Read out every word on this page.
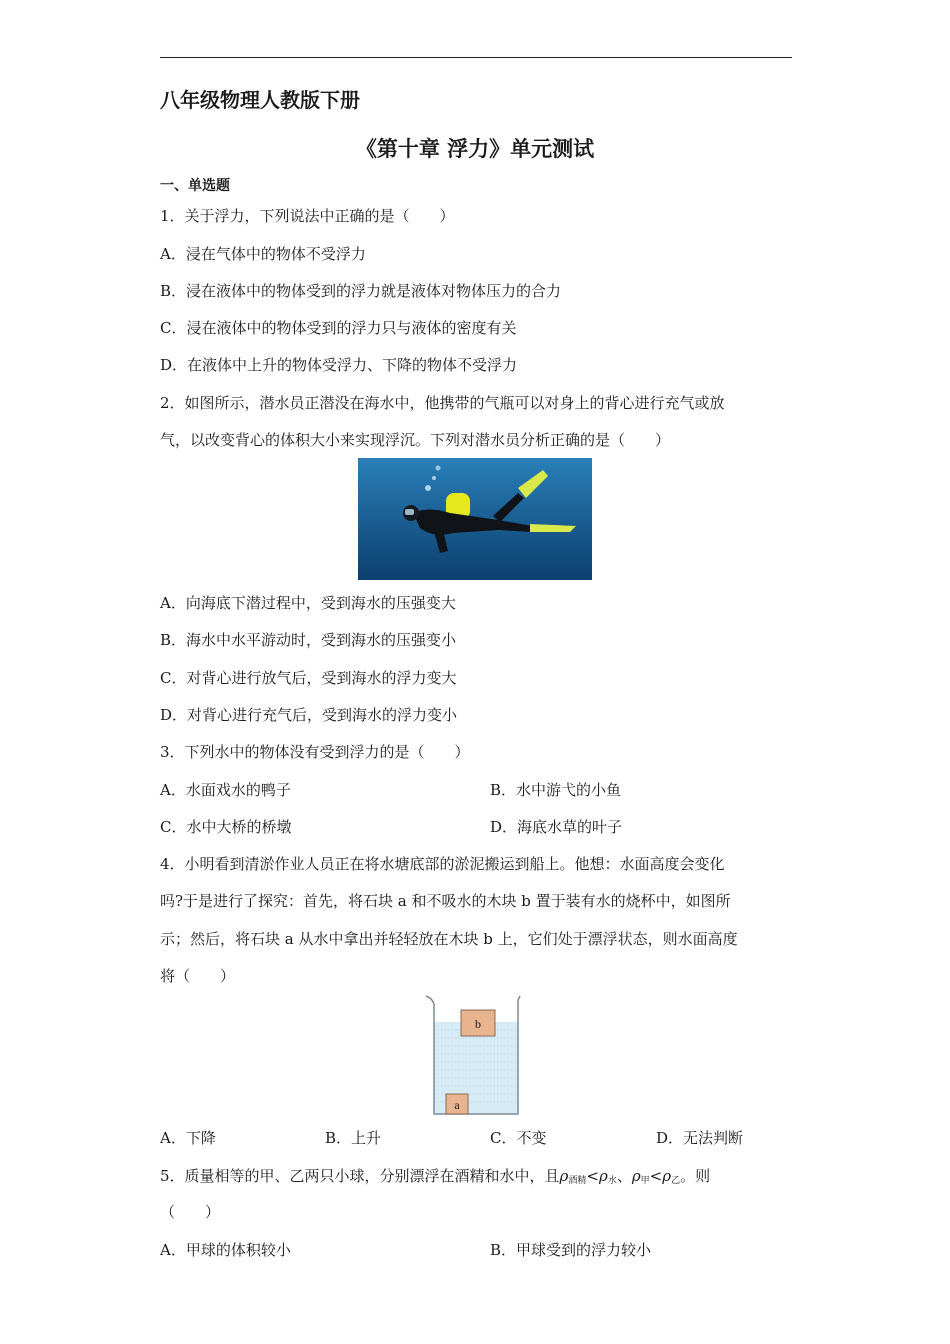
八年级物理人教版下册
《第十章 浮力》单元测试
一、单选题
1．关于浮力，下列说法中正确的是（　　）
A．浸在气体中的物体不受浮力
B．浸在液体中的物体受到的浮力就是液体对物体压力的合力
C．浸在液体中的物体受到的浮力只与液体的密度有关
D．在液体中上升的物体受浮力、下降的物体不受浮力
2．如图所示，潜水员正潜没在海水中，他携带的气瓶可以对身上的背心进行充气或放
气，以改变背心的体积大小来实现浮沉。下列对潜水员分析正确的是（　　）
A．向海底下潜过程中，受到海水的压强变大
B．海水中水平游动时，受到海水的压强变小
C．对背心进行放气后，受到海水的浮力变大
D．对背心进行充气后，受到海水的浮力变小
3．下列水中的物体没有受到浮力的是（　　）
A．水面戏水的鸭子	B．水中游弋的小鱼
C．水中大桥的桥墩	D．海底水草的叶子
4．小明看到清淤作业人员正在将水塘底部的淤泥搬运到船上。他想：水面高度会变化
吗?于是进行了探究：首先，将石块 a 和不吸水的木块 b 置于装有水的烧杯中，如图所
示；然后，将石块 a 从水中拿出并轻轻放在木块 b 上，它们处于漂浮状态，则水面高度
将（　　）
b
a
A．下降	B．上升	C．不变	D．无法判断
5．质量相等的甲、乙两只小球，分别漂浮在酒精和水中，且$\rho_{酒精}<\rho_水$、$\rho_甲<\rho_乙$。则
（　　）
A．甲球的体积较小	B．甲球受到的浮力较小
